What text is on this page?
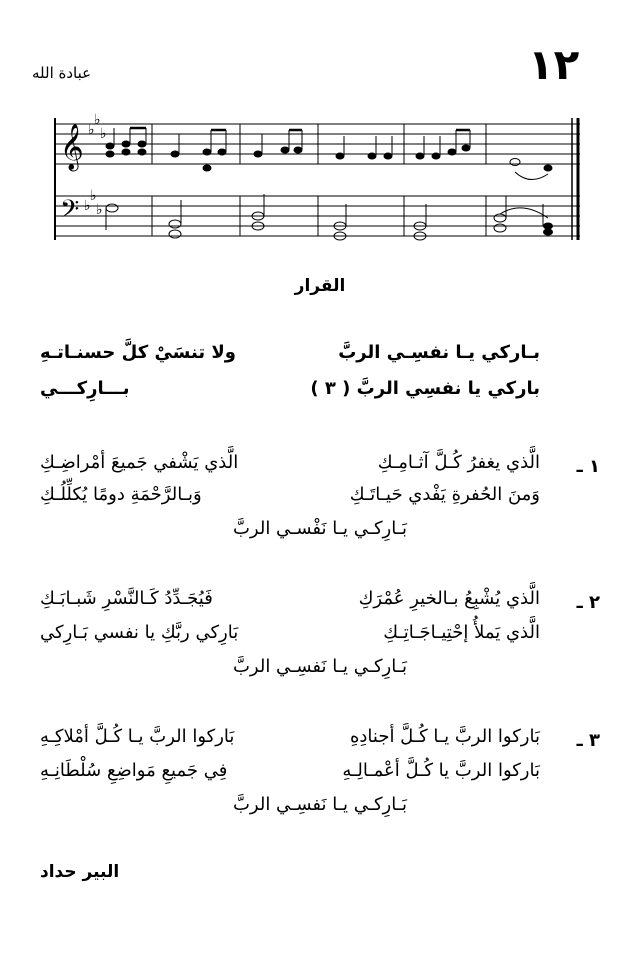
١٢
عبادة الله
𝄞
𝄢
♭
♭
♭
♭
♭
♭
القرار
بـاركي يـا نفسِـي الربَّ
ولا تنسَيْ كلَّ حسنـاتـهِ
باركي يا نفسِي الربَّ ( ٣ )
بـــارِكـــي
١ ـ
الَّذي يغفرُ كُـلَّ آثـامِـكِ
الَّذي يَشْفي جَميعَ أمْراضِـكِ
وَمنَ الحُفرةِ يَفْدي حَيـاتَـكِ
وَبـالرَّحْمَةِ دومًا يُكلِّلُـكِ
بَـارِكـي يـا نَفْسـي الربَّ
٢ ـ
الَّذي يُشْبِعُ بـالخيرِ عُمْرَكِ
فَيُجَـدِّدُ كَـالنَّسْرِ شَبـابَـكِ
الَّذي يَملأُ إحْتِيـاجَـاتِـكِ
بَارِكي ربَّكِ يا نفسي بَـارِكي
بَـارِكـي يـا نَفسِـي الربَّ
٣ ـ
بَاركوا الربَّ يـا كُـلَّ أجنادِهِ
بَاركوا الربَّ يـا كُـلَّ أمْلاكِـهِ
بَاركوا الربَّ يا كُـلَّ أعْمـالِـهِ
فِي جَميعِ مَواضِعِ سُلْطَانِـهِ
بَـارِكـي يـا نَفسِـي الربَّ
البير حداد
